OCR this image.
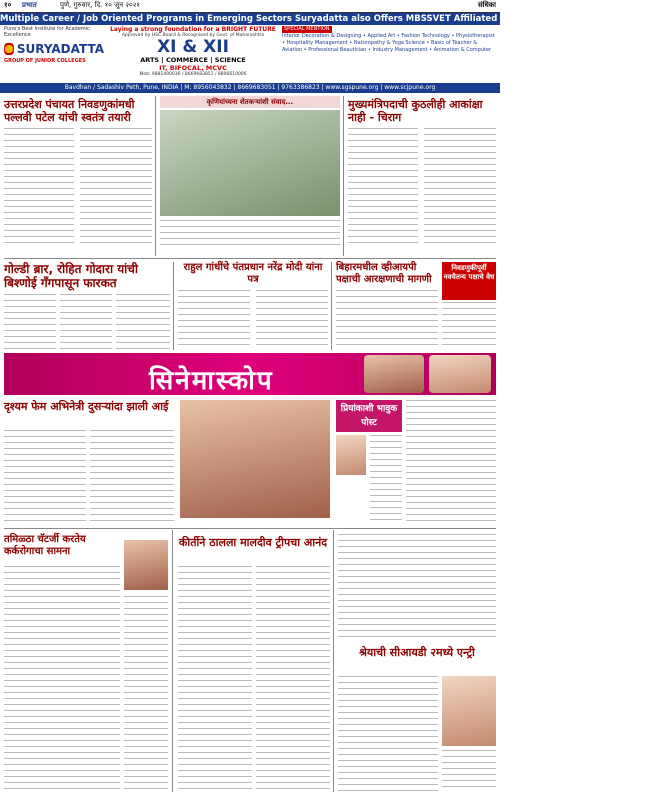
१० प्रभात	पुणे, गुरुवार, दि. १० जून २०२१	संधिका
Multiple Career / Job Oriented Programs in Emerging Sectors Suryadatta also Offers MBSSVET Affiliated Diploma After X (Equivalent to XII)
Pune's Best Institute for Academic Excellence
SURYADATTA
GROUP OF JUNIOR COLLEGES
Laying a strong foundation for a BRIGHT FUTURE
Approved by HSC Board & Recognised by Govt. of Maharashtra
XI & XII
ARTS | COMMERCE | SCIENCE
IT, BIFOCAL, MCVC
Mob: 9881490036 / 8669683851 / 8806610006
SPECIAL MENTION
Interior Decoration & Designing • Applied Art • Fashion Technology • Physiotherapist • Hospitality Management • Naturopathy & Yoga Science • Basic of Teacher & Aviation • Professional Beautician • Industry Management • Animation & Computer
Bavdhan / Sadashiv Peth, Pune, INDIA | M: 8956043832 | 8669683051 | 9763386823 | www.sgspune.org | www.scjpune.org
उत्तरप्रदेश पंचायत निवडणुकांमधी पल्लवी पटेल यांची स्वतंत्र तयारी
कृणियांच्यना शेतकऱ्यांशी संवाद...	मुख्यमंत्रिपदाची कुठलीही आकांक्षा नाही - चिराग
गोल्डी ब्रार, रोहित गोदारा यांची बिश्णोई गँगपासून फारकत
राहुल गांधींचे पंतप्रधान नरेंद्र मोदी यांना पत्र
बिहारमधील व्हीआयपी पक्षाची आरक्षणाची मागणी
निवडणुकीपूर्वी नवचैतन्य पक्षाचे वेध
सिनेमास्कोप
दृश्यम फेम अभिनेत्री दुसऱ्यांदा झाली आई	प्रियांकाशी भावुक पोस्ट
तमिळ्ठा चॅटर्जी करतेय कर्करोगाचा सामना
कीर्तीने ठालला मालदीव ट्रीपचा आनंद
श्रेयाची सीआयडी २मध्ये एन्ट्री
